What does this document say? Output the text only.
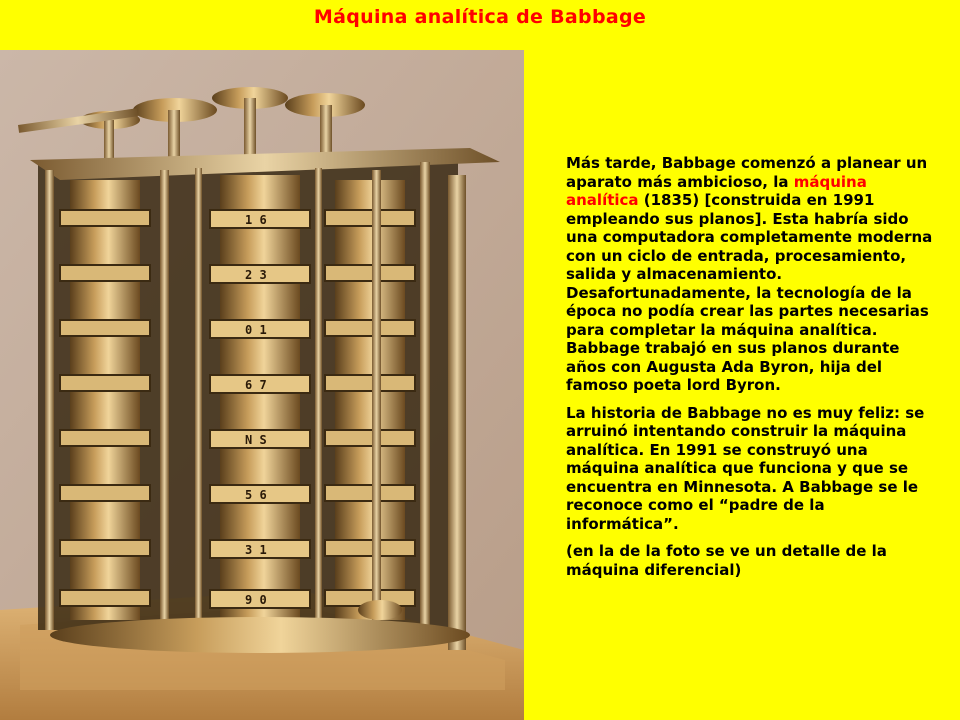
Máquina analítica de Babbage
1 6
2 3
0 1
6 7
N S
5 6
3 1
9 0

Más tarde, Babbage comenzó a planear un aparato más ambicioso, la máquina analítica (1835) [construida en 1991 empleando sus planos]. Esta habría sido una computadora completamente moderna con un ciclo de entrada, procesamiento, salida y almacenamiento. Desafortunadamente, la tecnología de la época no podía crear las partes necesarias para completar la máquina analítica. Babbage trabajó en sus planos durante años con Augusta Ada Byron, hija del famoso poeta lord Byron.

La historia de Babbage no es muy feliz: se arruinó intentando construir la máquina analítica. En 1991 se construyó una máquina analítica que funciona y que se encuentra en Minnesota. A Babbage se le reconoce como el “padre de la informática”.

(en la de la foto se ve un detalle de la máquina diferencial)
